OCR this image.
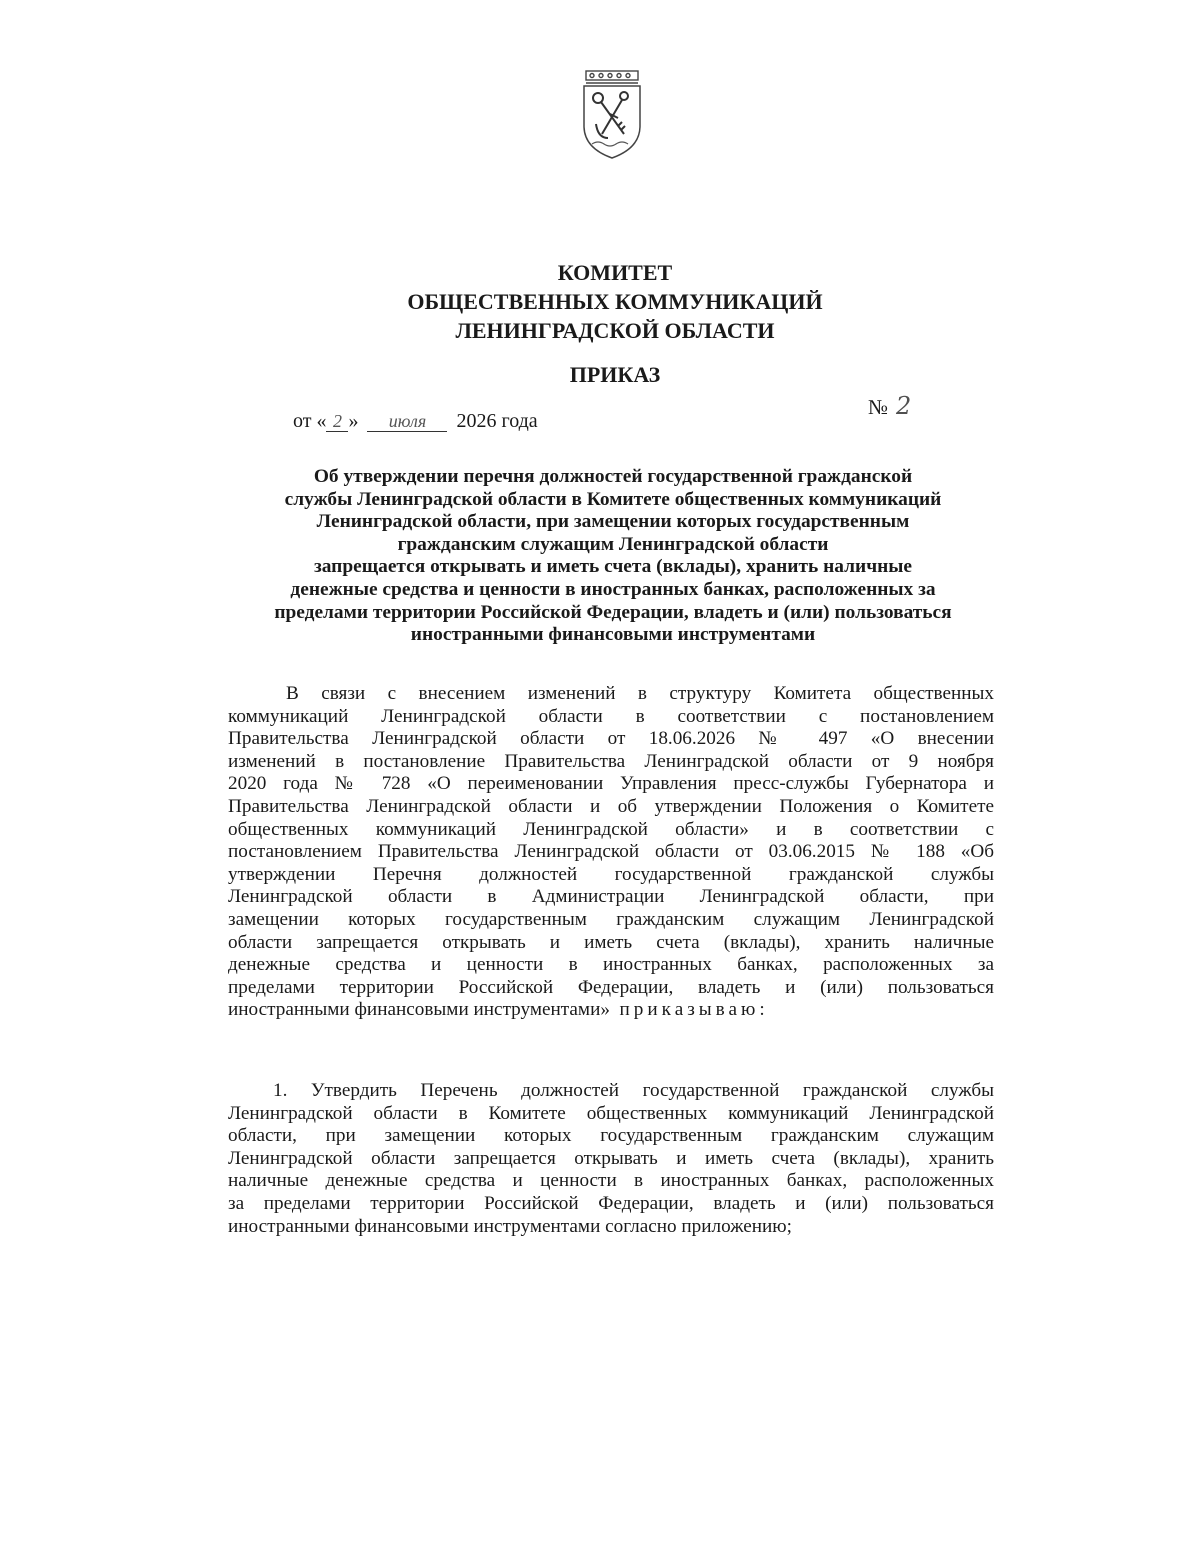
КОМИТЕТ
ОБЩЕСТВЕННЫХ КОММУНИКАЦИЙ
ЛЕНИНГРАДСКОЙ ОБЛАСТИ
ПРИКАЗ
№ 2
от « 2 » июля 2026 года
Об утверждении перечня должностей государственной гражданской
службы Ленинградской области в Комитете общественных коммуникаций
Ленинградской области, при замещении которых государственным
гражданским служащим Ленинградской области
запрещается открывать и иметь счета (вклады), хранить наличные
денежные средства и ценности в иностранных банках, расположенных за
пределами территории Российской Федерации, владеть и (или) пользоваться
иностранными финансовыми инструментами
В связи с внесением изменений в структуру Комитета общественных
коммуникаций Ленинградской области в соответствии с постановлением
Правительства Ленинградской области от 18.06.2026 № 497 «О внесении
изменений в постановление Правительства Ленинградской области от 9 ноября
2020 года № 728 «О переименовании Управления пресс-службы Губернатора и
Правительства Ленинградской области и об утверждении Положения о Комитете
общественных коммуникаций Ленинградской области» и в соответствии с
постановлением Правительства Ленинградской области от 03.06.2015 № 188 «Об
утверждении Перечня должностей государственной гражданской службы
Ленинградской области в Администрации Ленинградской области, при
замещении которых государственным гражданским служащим Ленинградской
области запрещается открывать и иметь счета (вклады), хранить наличные
денежные средства и ценности в иностранных банках, расположенных за
пределами территории Российской Федерации, владеть и (или) пользоваться
иностранными финансовыми инструментами» приказываю:
1. Утвердить Перечень должностей государственной гражданской службы
Ленинградской области в Комитете общественных коммуникаций Ленинградской
области, при замещении которых государственным гражданским служащим
Ленинградской области запрещается открывать и иметь счета (вклады), хранить
наличные денежные средства и ценности в иностранных банках, расположенных
за пределами территории Российской Федерации, владеть и (или) пользоваться
иностранными финансовыми инструментами согласно приложению;
